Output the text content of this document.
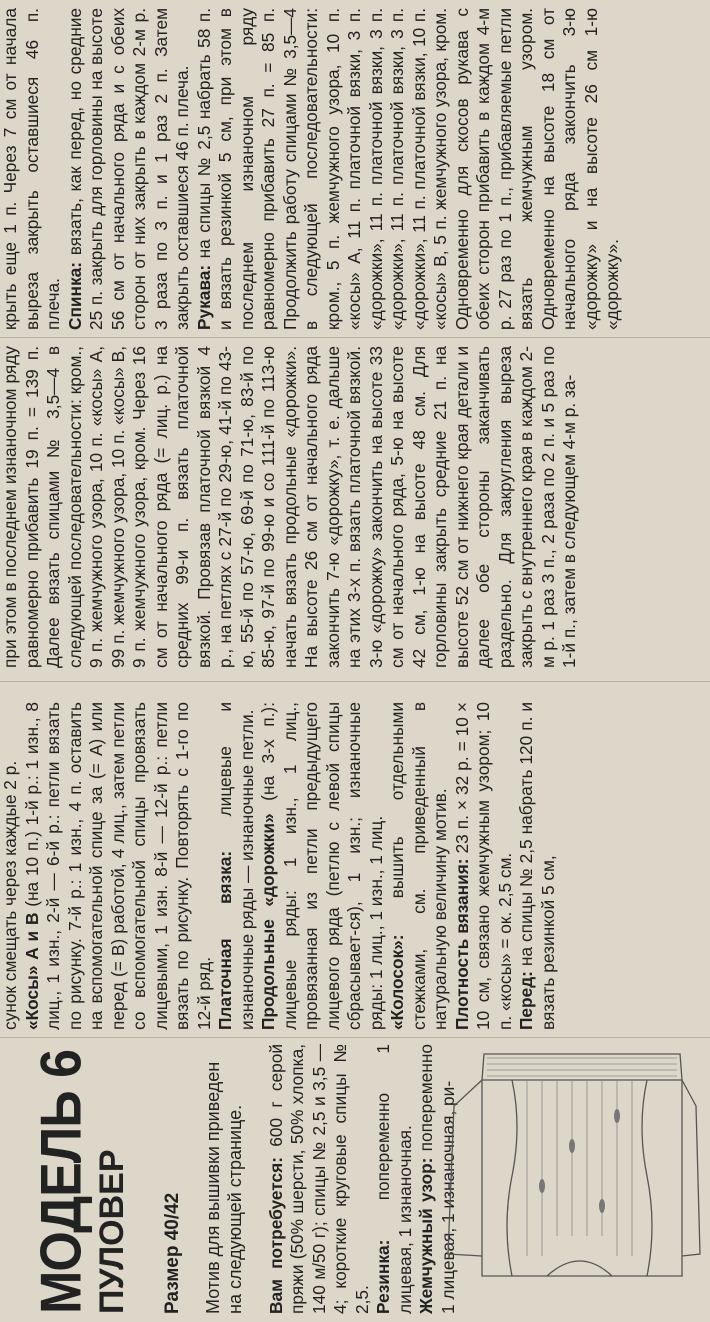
МОДЕЛЬ 6 ПУЛОВЕР Размер 40/42 Мотив для вышивки приведен на следующей странице. Вам потребуется: 600 г серой пряжи (50% шерсти, 50% хлопка, 140 м/50 г); спицы № 2,5 и 3,5 — 4; короткие круговые спицы № 2,5. Резинка: попеременно 1 лицевая, 1 изнаночная. Жемчужный узор: попеременно 1 лицевая, 1 изнаночная, ри-

сунок смещать через каждые 2 р. «Косы» А и В (на 10 п.) 1-й р.: 1 изн., 8 лиц., 1 изн., 2-й — 6-й р.: петли вязать по рисунку. 7-й р.: 1 изн., 4 п. оставить на вспомогательной спице за (= А) или перед (= В) работой, 4 лиц., затем петли со вспомогательной спицы провязать лицевыми, 1 изн. 8-й — 12-й р.: петли вязать по рисунку. Повторять с 1-го по 12-й ряд. Платочная вязка: лицевые и изнаночные ряды — изнаночные петли. Продольные «дорожки» (на 3-х п.): лицевые ряды: 1 изн., 1 лиц., провязанная из петли предыдущего лицевого ряда (петлю с левой спицы сбрасывает-ся), 1 изн.; изнаночные ряды: 1 лиц., 1 изн., 1 лиц. «Колосок»: вышить отдельными стежками, см. приведенный в натуральную величину мотив. Плотность вязания: 23 п. × 32 р. = 10 × 10 см, связано жемчужным узором; 10 п. «косы» = ок. 2,5 см. Перед: на спицы № 2,5 набрать 120 п. и вязать резинкой 5 см,

при этом в последнем изнаночном ряду равномерно прибавить 19 п. = 139 п. Далее вязать спицами № 3,5—4 в следующей последовательности: кром., 9 п. жемчужного узора, 10 п. «косы» А, 99 п. жемчужного узора, 10 п. «косы» В, 9 п. жемчужного узора, кром. Через 16 см от начального ряда (= лиц. р.) на средних 99-и п. вязать платочной вязкой. Провязав платочной вязкой 4 р., на петлях с 27-й по 29-ю, 41-й по 43-ю, 55-й по 57-ю, 69-й по 71-ю, 83-й по 85-ю, 97-й по 99-ю и со 111-й по 113-ю начать вязать продольные «дорожки». На высоте 26 см от начального ряда закончить 7-ю «дорожку», т. е. дальше на этих 3-х п. вязать платочной вязкой. 3-ю «дорожку» закончить на высоте 33 см от начального ряда, 5-ю на высоте 42 см, 1-ю на высоте 48 см. Для горловины закрыть средние 21 п. на высоте 52 см от нижнего края детали и далее обе стороны заканчивать раздельно. Для закругления выреза закрыть с внутреннего края в каждом 2-м р. 1 раз 3 п., 2 раза по 2 п. и 5 раз по 1-й п., затем в следующем 4-м р. за-

крыть еще 1 п. Через 7 см от начала выреза закрыть оставшиеся 46 п. плеча. Спинка: вязать, как перед, но средние 25 п. закрыть для горловины на высоте 56 см от начального ряда и с обеих сторон от них закрыть в каждом 2-м р. 3 раза по 3 п. и 1 раз 2 п. Затем закрыть оставшиеся 46 п. плеча. Рукава: на спицы № 2,5 набрать 58 п. и вязать резинкой 5 см, при этом в последнем изнаночном ряду равномерно прибавить 27 п. = 85 п. Продолжить работу спицами № 3,5—4 в следующей последовательности: кром., 5 п. жемчужного узора, 10 п. «косы» А, 11 п. платочной вязки, 3 п. «дорожки», 11 п. платочной вязки, 3 п. «дорожки», 11 п. платочной вязки, 3 п. «дорожки», 11 п. платочной вязки, 10 п. «косы» В, 5 п. жемчужного узора, кром. Одновременно для скосов рукава с обеих сторон прибавить в каждом 4-м р. 27 раз по 1 п., прибавляемые петли вязать жемчужным узором. Одновременно на высоте 18 см от начального ряда закончить 3-ю «дорожку» и на высоте 26 см 1-ю «дорожку».
